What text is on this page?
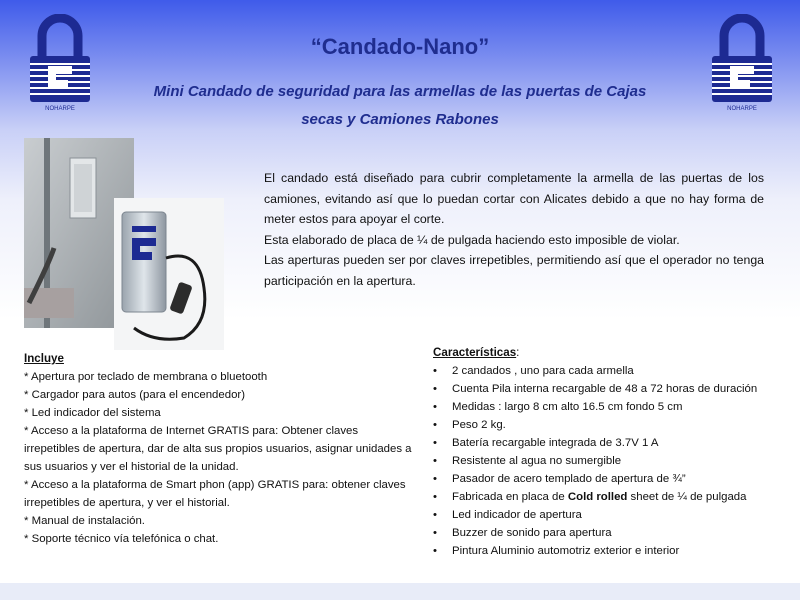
NOHARPE	NOHARPE
“Candado-Nano”
Mini Candado de seguridad para las armellas de las puertas de Cajas secas y Camiones Rabones

El candado está diseñado para cubrir completamente la armella de las puertas de los camiones, evitando así que lo puedan cortar con Alicates debido a que no hay forma de meter estos para apoyar el corte.

Esta elaborado de placa de ¼ de pulgada haciendo esto imposible de violar.

Las aperturas pueden ser por claves irrepetibles, permitiendo así que el operador no tenga participación en la apertura.

Incluye

* Apertura por teclado de membrana o bluetooth

* Cargador para autos (para el encendedor)

* Led indicador del sistema

* Acceso a la plataforma de Internet GRATIS para: Obtener claves irrepetibles de apertura, dar de alta sus propios usuarios, asignar unidades a sus usuarios y ver el historial de la unidad.

* Acceso a la plataforma de Smart phon (app) GRATIS para: obtener claves irrepetibles de apertura, y ver el historial.

* Manual de instalación.

* Soporte técnico vía telefónica o chat.

Características:
• 2 candados , uno para cada armella
• Cuenta Pila interna recargable de 48 a 72 horas de duración
• Medidas : largo 8 cm alto 16.5 cm fondo 5 cm
• Peso 2 kg.
• Batería recargable integrada de 3.7V 1 A
• Resistente al agua no sumergible
• Pasador de acero templado de apertura de ¾”
• Fabricada en placa de Cold rolled sheet de ¼ de pulgada
• Led indicador de apertura
• Buzzer de sonido para apertura
• Pintura Aluminio automotriz exterior e interior
